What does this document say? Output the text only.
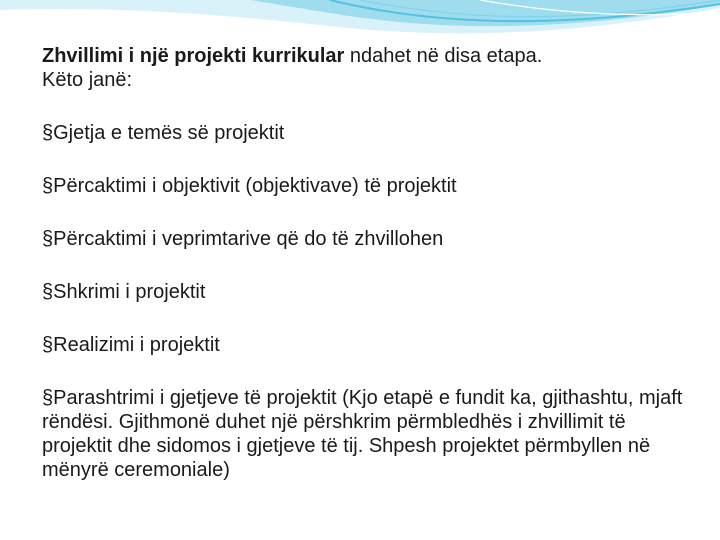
Zhvillimi i një projekti kurrikular ndahet në disa etapa.
Këto janë:

§Gjetja e temës së projektit
§Përcaktimi i objektivit (objektivave) të projektit
§Përcaktimi i veprimtarive që do të zhvillohen
§Shkrimi i projektit
§Realizimi i projektit
§Parashtrimi i gjetjeve të projektit (Kjo etapë e fundit ka, gjithashtu, mjaft rëndësi. Gjithmonë duhet një përshkrim përmbledhës i zhvillimit të projektit dhe sidomos i gjetjeve të tij. Shpesh projektet përmbyllen në mënyrë ceremoniale)
